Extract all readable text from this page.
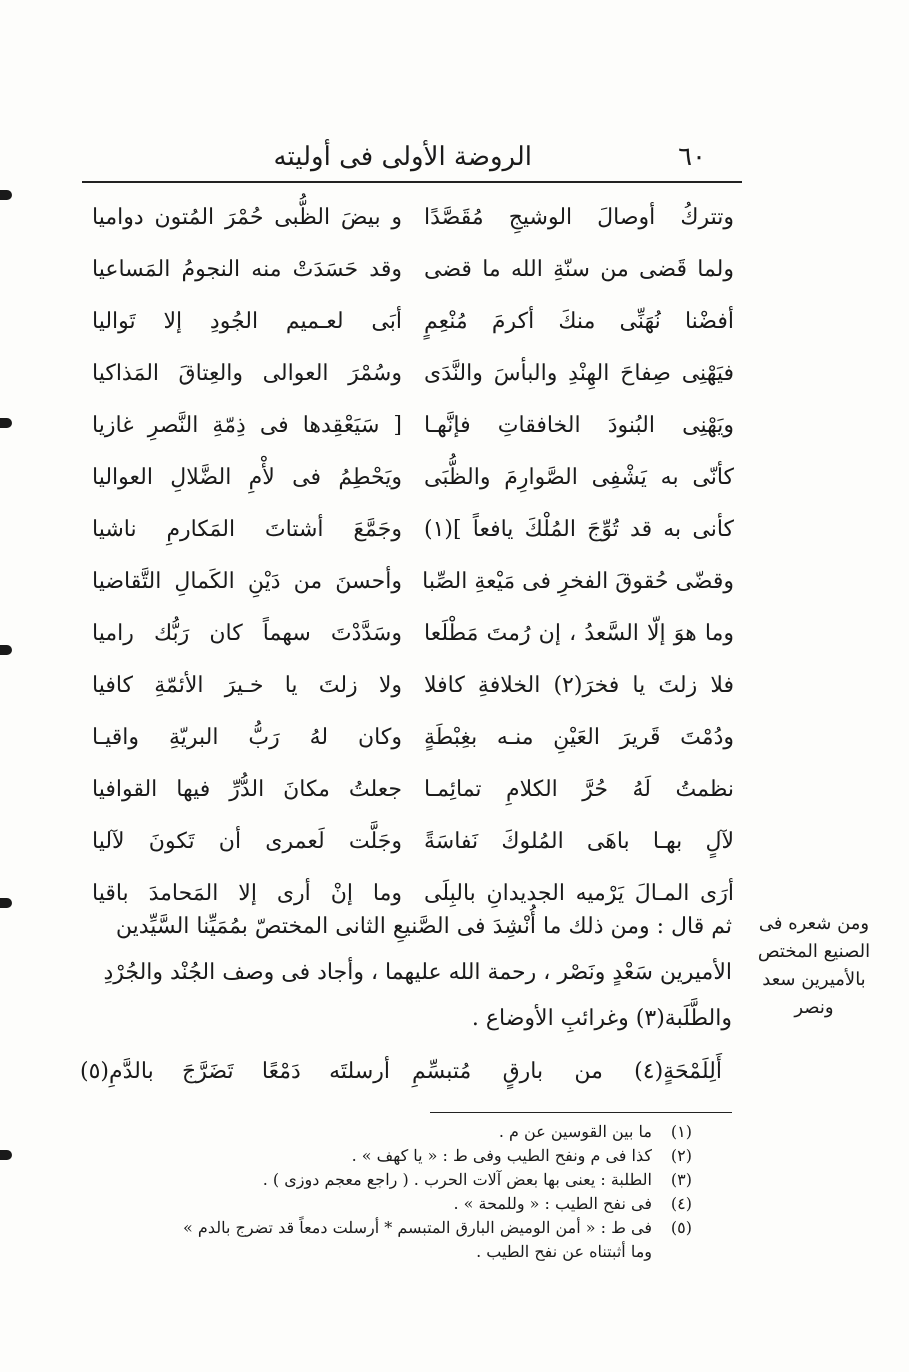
٦٠
الروضة الأولى فى أوليته
وتتركُ أوصالَ الوشيجِ مُقَصَّدًا
و بيضَ الظُّبى حُمْرَ المُتون دواميا
ولما قَضى من سنّةِ الله ما قضى
وقد حَسَدَتْ منه النجومُ المَساعيا
أفضْنا نُهَنِّى منكَ أكرمَ مُنْعِمٍ
أبَى لعـميم الجُودِ إلا تَواليا
فيَهْنِى صِفاحَ الهِنْدِ والبأسَ والنَّدَى
وسُمْرَ العوالى والعِتاقَ المَذاكيا
ويَهْنِى البُنودَ الخافقاتِ فإنَّهـا
[ سَيَعْقِدها فى ذِمّةِ النَّصرِ غازيا
كأنّى به يَشْفِى الصَّوارِمَ والظُّبَى
ويَحْطِمُ فى لأْمِ الضَّلالِ العواليا
كأنى به قد تُوِّجَ المُلْكَ يافعاً ](١)
وجَمَّعَ أشتاتَ المَكارمِ ناشيا
وقضّى حُقوقَ الفخرِ فى مَيْعةِ الصِّبا
وأحسنَ من دَيْنِ الكَمالِ التَّقاضيا
وما هوَ إلّا السَّعدُ ، إن رُمتَ مَطْلَعا
وسَدَّدْتَ سهماً كان رَبُّك راميا
فلا زلتَ يا فخرَ(٢) الخلافةِ كافلا
ولا زلتَ يا خـيرَ الأئمّةِ كافيا
ودُمْتَ قَريرَ العَيْنِ منـه بغِبْطَةٍ
وكان لهُ رَبُّ البريّةِ واقيـا
نظمتُ لَهُ حُرَّ الكلامِ تمائِمـا
جعلتُ مكانَ الدُّرِّ فيها القوافيا
لآلٍ بهـا باهَى المُلوكَ نَفاسَةً
وجَلَّت لَعمرى أن تَكونَ لآليا
أرَى المـالَ يَرْميه الجديدانِ بالبِلَى
وما إنْ أرى إلا المَحامدَ باقيا

ثم قال : ومن ذلك ما أُنْشِدَ فى الصَّنيعِ الثانى المختصّ بمُمَيِّنا السَّيِّدين

الأميرين سَعْدٍ ونَصْر ، رحمة الله عليهما ، وأجاد فى وصف الجُنْد والجُرْدِ

والطَّلَبة(٣) وغرائبِ الأوضاع .

ومن شعره فى
الصنيع المختص
بالأميرين سعد
ونصر
أَلِلَمْحَةٍ(٤) من بارقٍ مُتبسِّمِ
أرسلتَه دَمْعًا تَضَرَّجَ بالدَّمِ(٥)
(١)ما بين القوسين عن م .
(٢)كذا فى م ونفح الطيب وفى ط : « يا كهف » .
(٣)الطلبة : يعنى بها بعض آلات الحرب . ( راجع معجم دوزى ) .
(٤)فى نفح الطيب : « وللمحة » .
(٥)فى ط : « أمن الوميض البارق المتبسم * أرسلت دمعاً قد تضرج بالدم »
وما أثبتناه عن نفح الطيب .
